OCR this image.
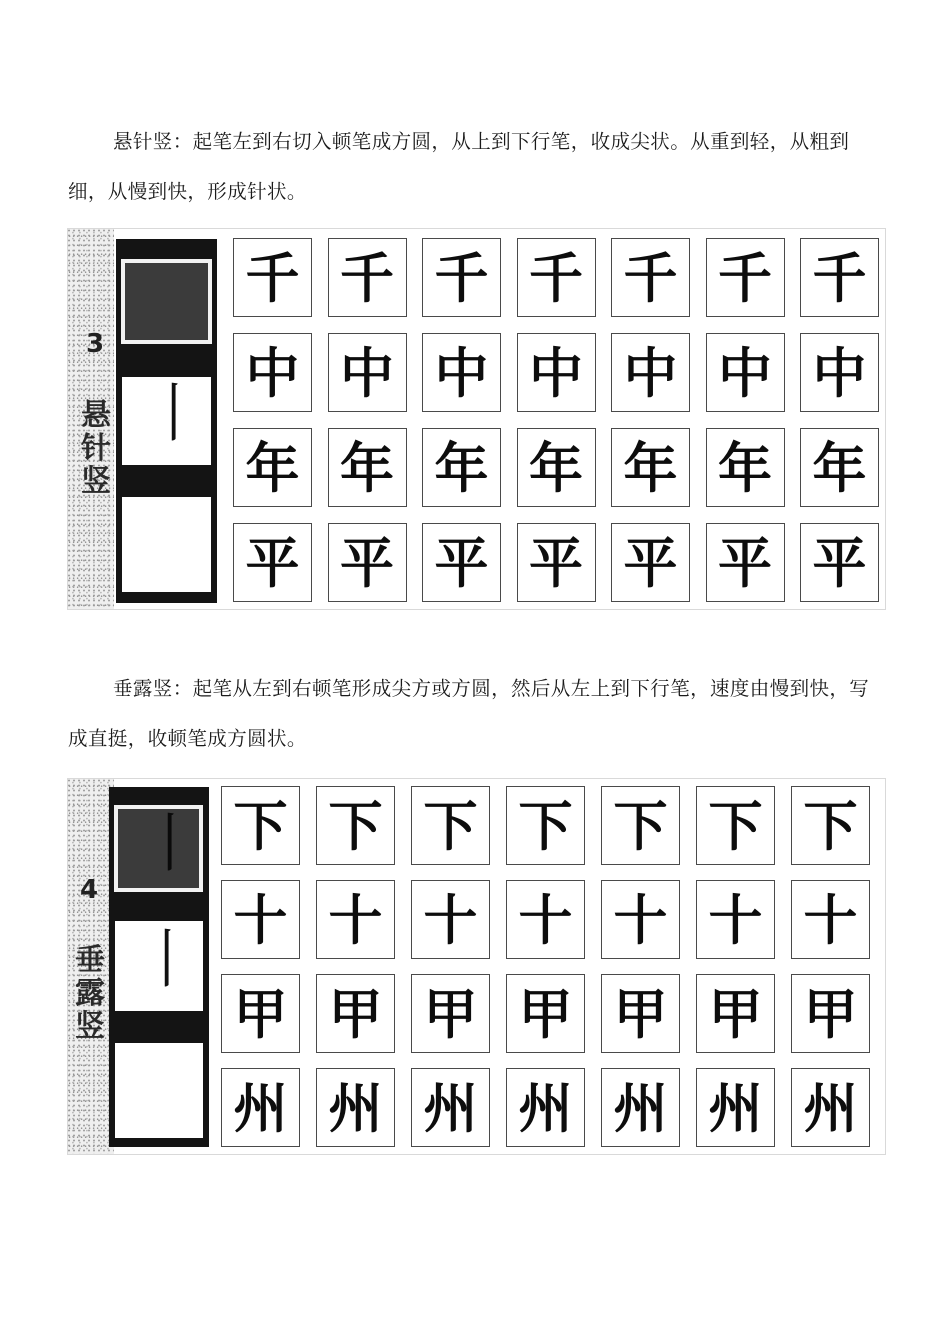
悬针竖：起笔左到右切入顿笔成方圆，从上到下行笔，收成尖状。从重到轻，从粗到细，从慢到快，形成针状。

3
悬针竖
丨
千 千 千 千 千 千 千
中 中 中 中 中 中 中
年 年 年 年 年 年 年
平 平 平 平 平 平 平

垂露竖：起笔从左到右顿笔形成尖方或方圆，然后从左上到下行笔，速度由慢到快，写成直挺，收顿笔成方圆状。

4
垂露竖
丨
丨
下 下 下 下 下 下 下
十 十 十 十 十 十 十
甲 甲 甲 甲 甲 甲 甲
州 州 州 州 州 州 州
